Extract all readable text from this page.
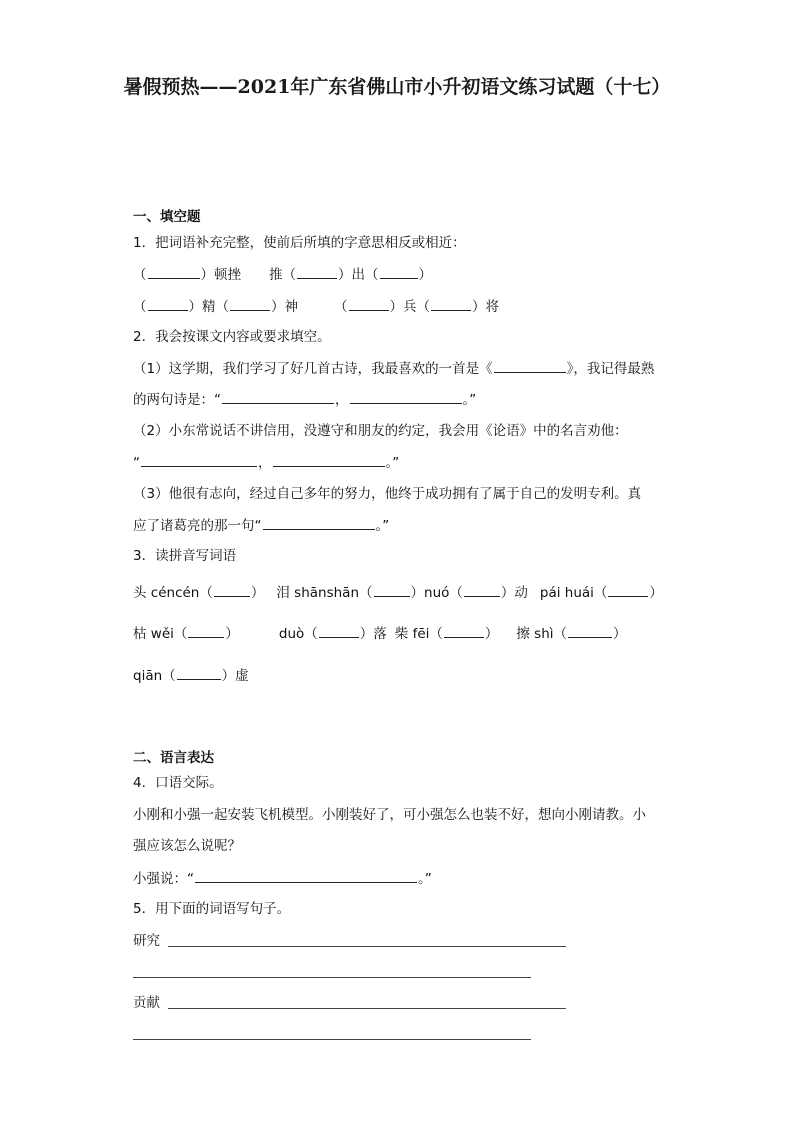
暑假预热——2021年广东省佛山市小升初语文练习试题（十七）
一、填空题
1．把词语补充完整，使前后所填的字意思相反或相近：
（	）顿挫 推（	）出（	）
（	）精（	）神	（	）兵（	）将
2．我会按课文内容或要求填空。
（1）这学期，我们学习了好几首古诗，我最喜欢的一首是《	》，我记得最熟
的两句诗是：“	，	。”
（2）小东常说话不讲信用，没遵守和朋友的约定，我会用《论语》中的名言劝他：
“	，	。”
（3）他很有志向，经过自己多年的努力，他终于成功拥有了属于自己的发明专利。真
应了诸葛亮的那一句“	。”
3．读拼音写词语
头 céncén（	） 泪 shānshān（	）nuó（	）动 pái huái（	）
枯 wěi（	）	duò（	）落 柴 fēi（	） 擦 shì（	）
qiān（	）虚
二、语言表达
4．口语交际。
小刚和小强一起安装飞机模型。小刚装好了，可小强怎么也装不好，想向小刚请教。小
强应该怎么说呢？
小强说：“	。”
5．用下面的词语写句子。
研究
贡献
